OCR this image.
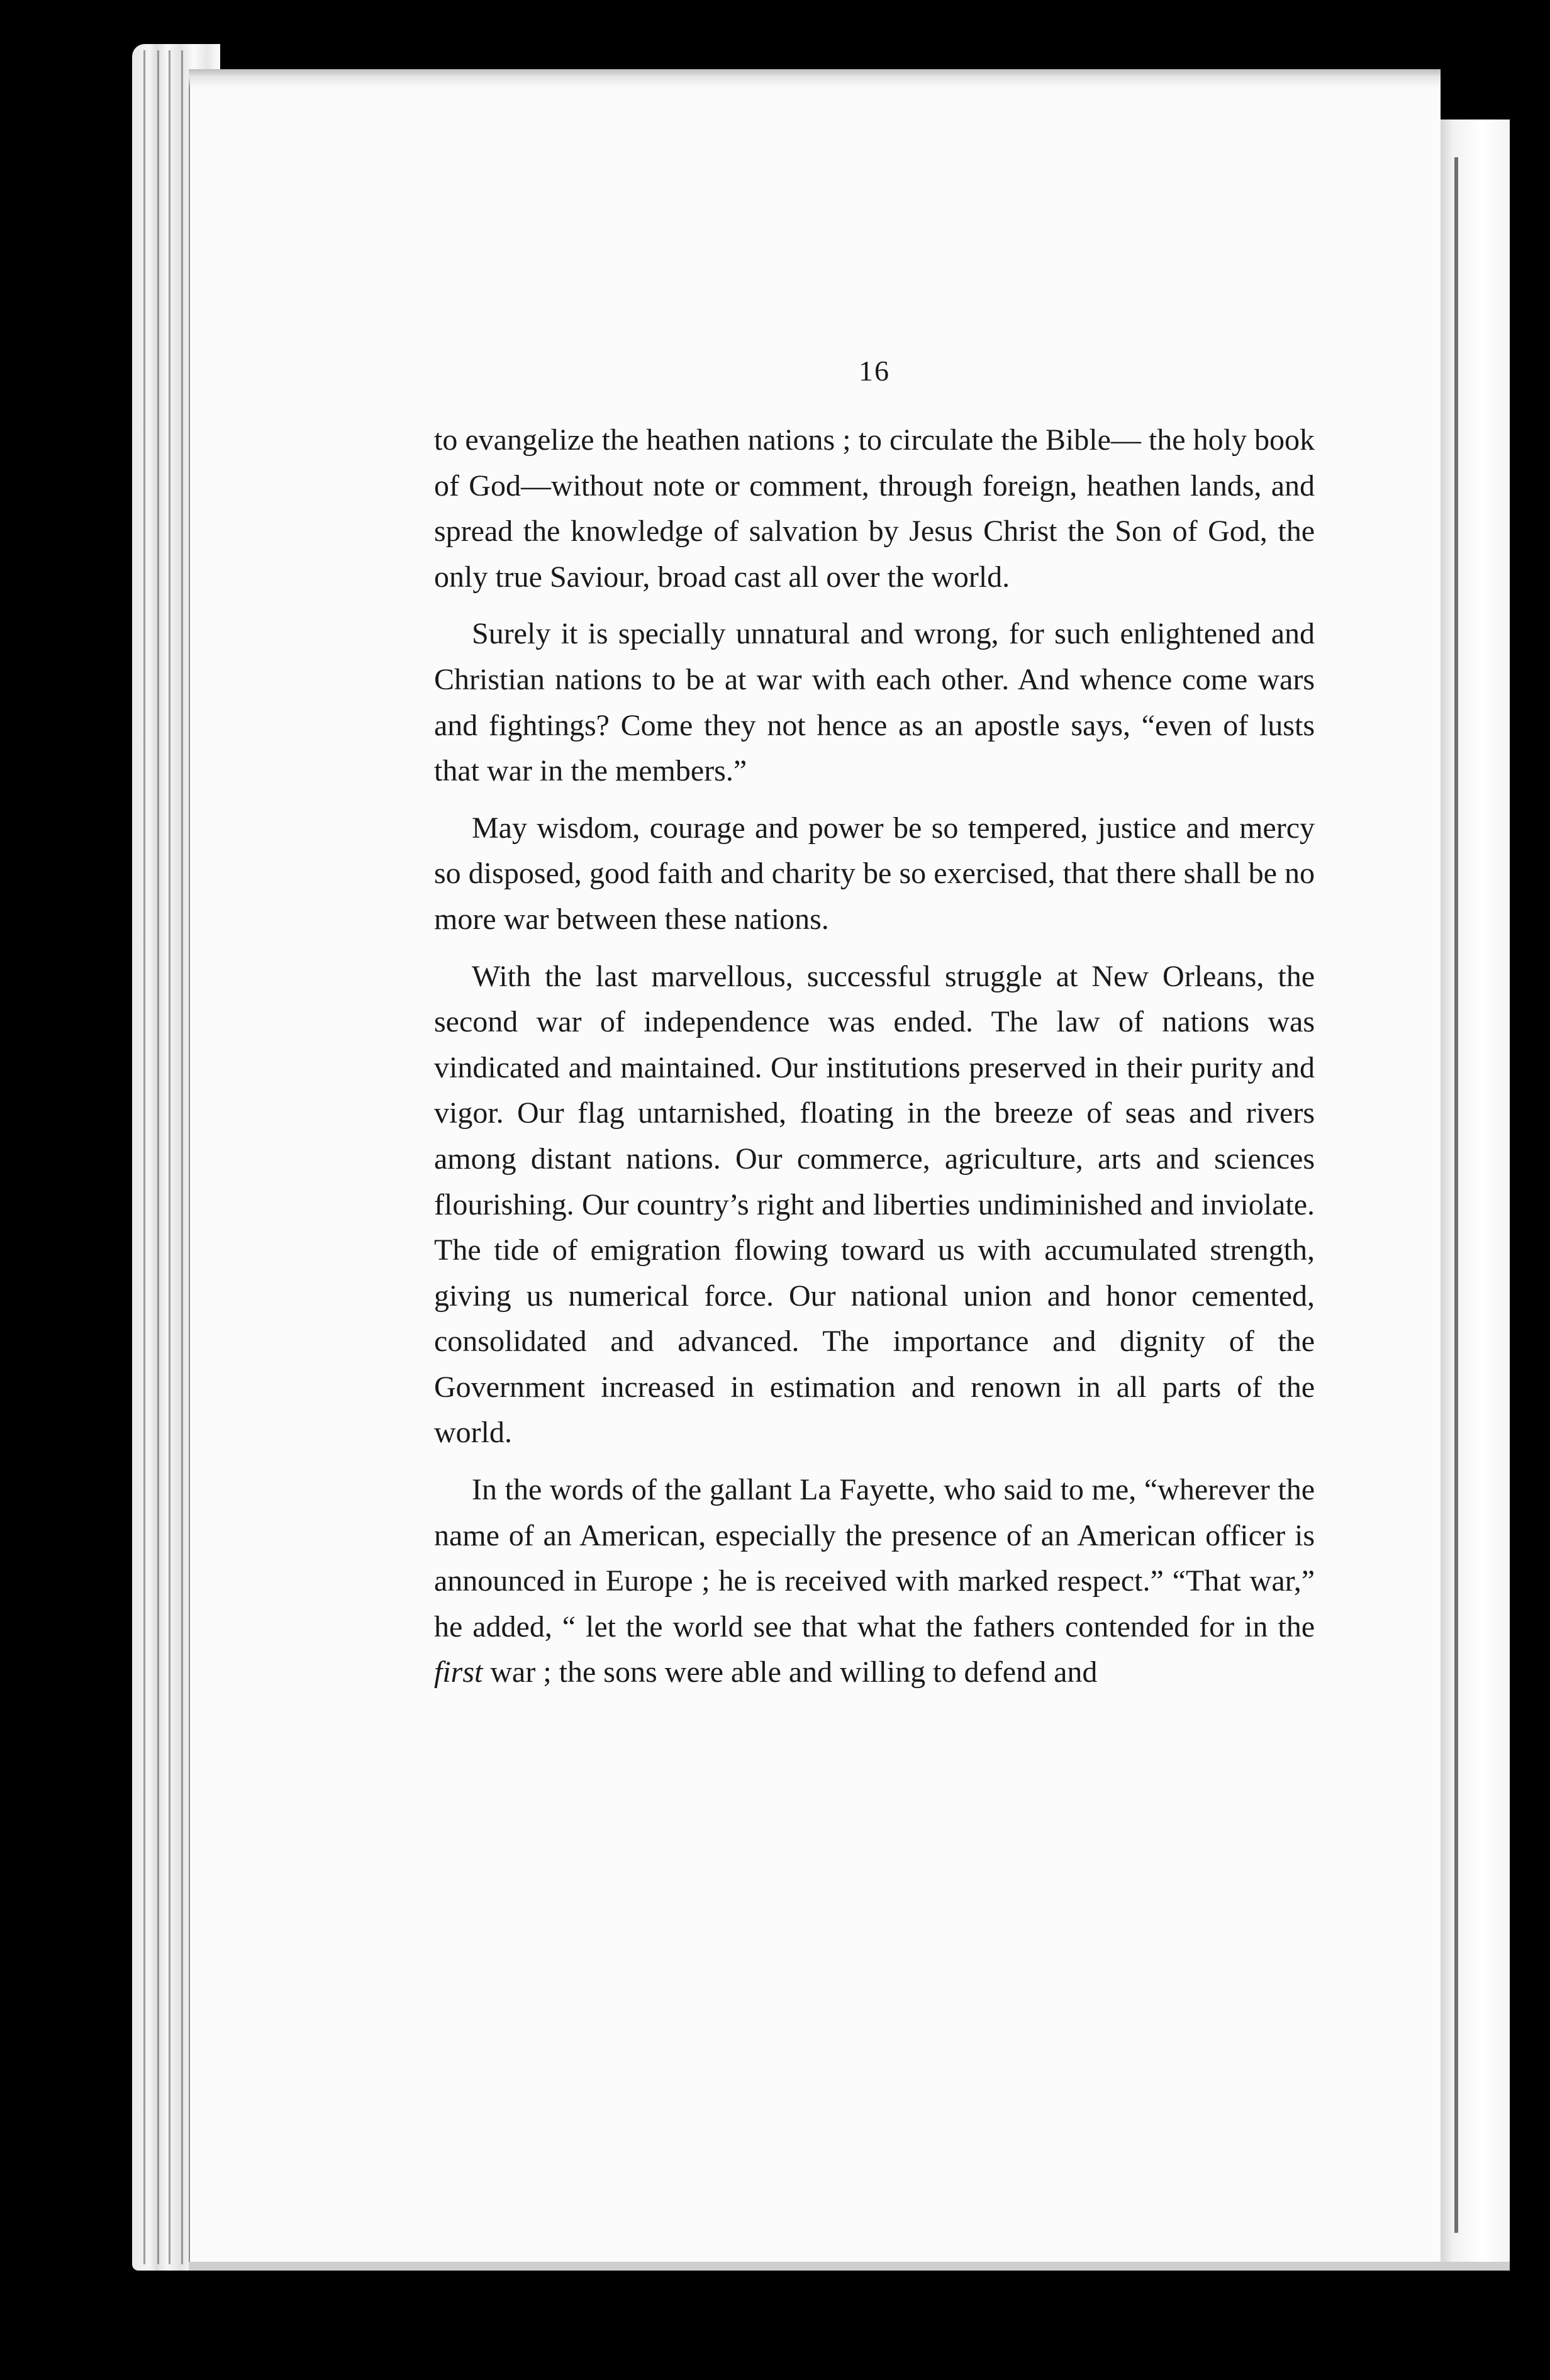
16

to evangelize the heathen nations ; to circulate the Bible— the holy book of God—without note or comment, through foreign, heathen lands, and spread the knowledge of salvation by Jesus Christ the Son of God, the only true Saviour, broad cast all over the world.

Surely it is specially unnatural and wrong, for such enlightened and Christian nations to be at war with each other. And whence come wars and fightings? Come they not hence as an apostle says, “even of lusts that war in the members.”

May wisdom, courage and power be so tempered, justice and mercy so disposed, good faith and charity be so exercised, that there shall be no more war between these nations.

With the last marvellous, successful struggle at New Orleans, the second war of independence was ended. The law of nations was vindicated and maintained. Our institutions preserved in their purity and vigor. Our flag untarnished, floating in the breeze of seas and rivers among distant nations. Our commerce, agriculture, arts and sciences flourishing. Our country’s right and liberties undiminished and inviolate. The tide of emigration flowing toward us with accumulated strength, giving us numerical force. Our national union and honor cemented, consolidated and advanced. The importance and dignity of the Government increased in estimation and renown in all parts of the world.

In the words of the gallant La Fayette, who said to me, “wherever the name of an American, especially the presence of an American officer is announced in Europe ; he is received with marked respect.” “That war,” he added, “ let the world see that what the fathers contended for in the first war ; the sons were able and willing to defend and
